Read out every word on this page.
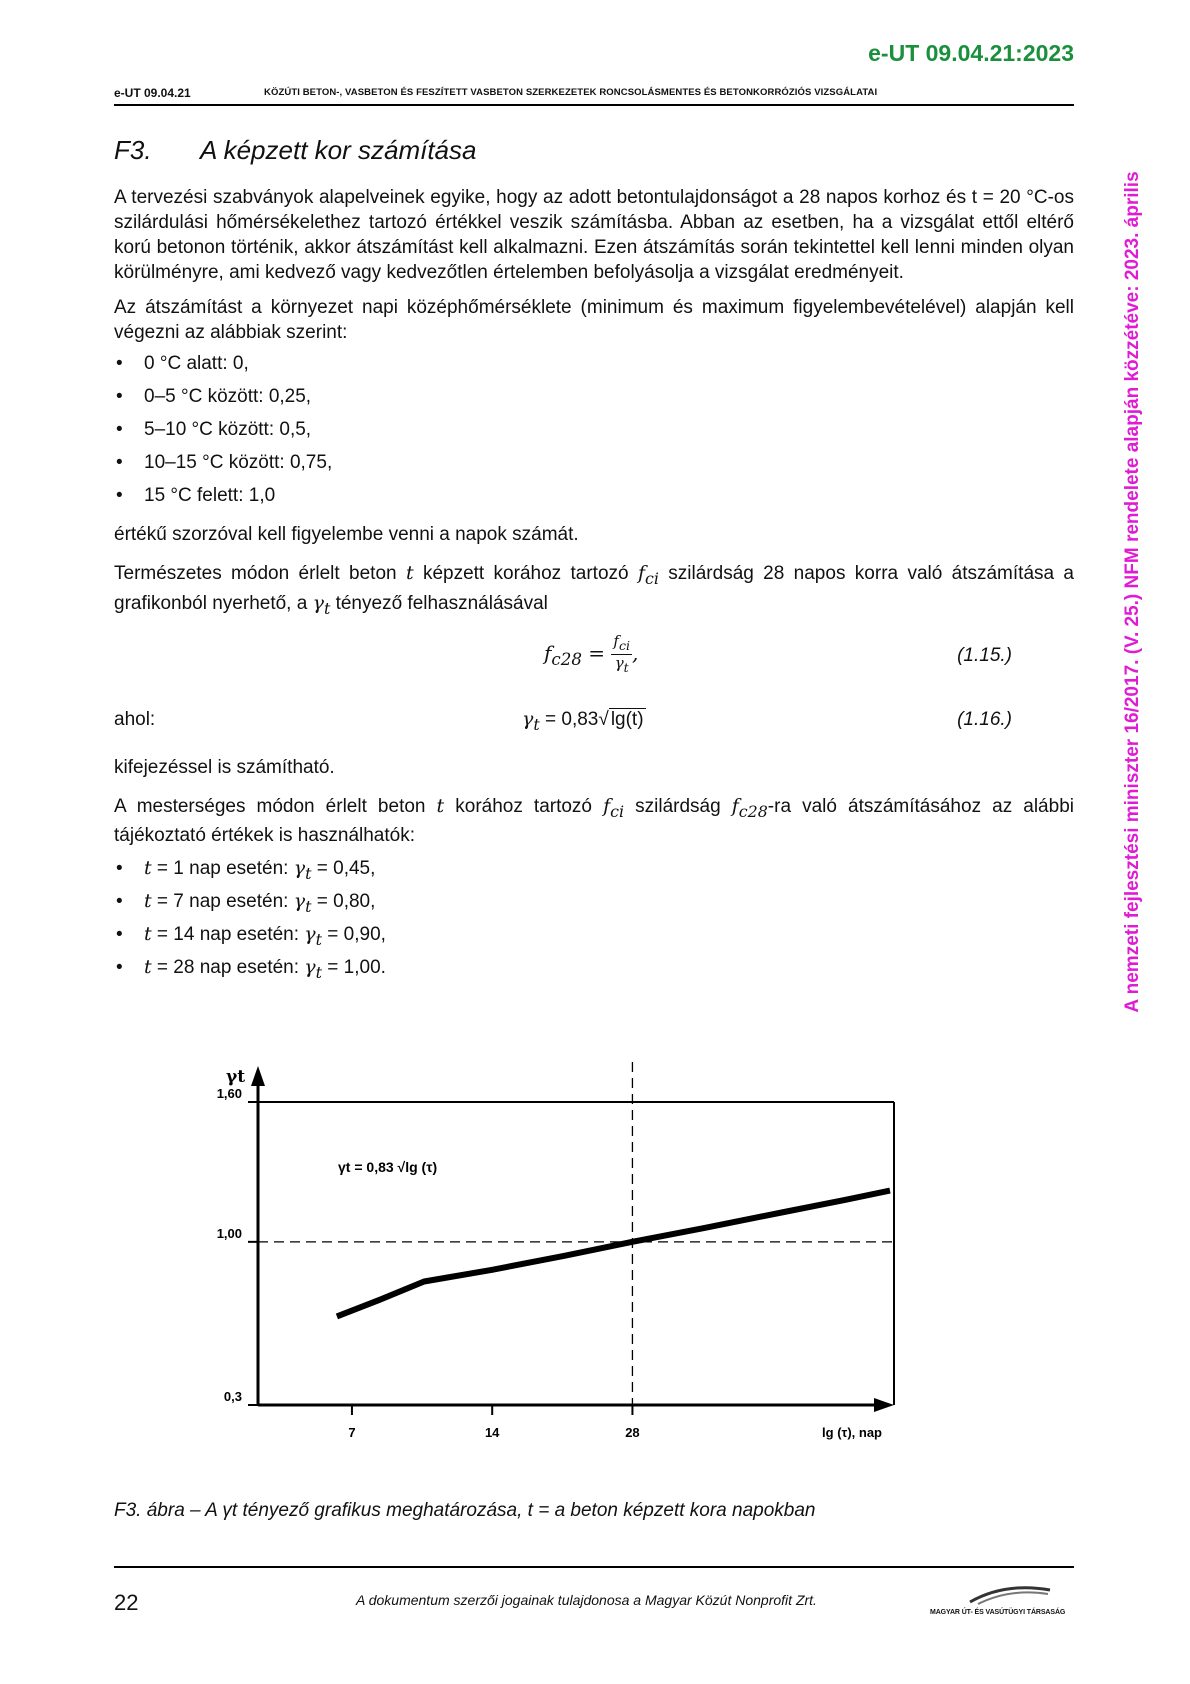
e-UT 09.04.21:2023
e-UT 09.04.21	KÖZÚTI BETON-, VASBETON ÉS FESZÍTETT VASBETON SZERKEZETEK RONCSOLÁSMENTES ÉS BETONKORRÓZIÓS VIZSGÁLATAI
A nemzeti fejlesztési miniszter 16/2017. (V. 25.) NFM rendelete alapján közzétéve: 2023. április
F3.	A képzett kor számítása

A tervezési szabványok alapelveinek egyike, hogy az adott betontulajdonságot a 28 napos korhoz és t = 20 °C-os szilárdulási hőmérsékelethez tartozó értékkel veszik számításba. Abban az esetben, ha a vizsgálat ettől eltérő korú betonon történik, akkor átszámítást kell alkalmazni. Ezen átszámítás során tekintettel kell lenni minden olyan körülményre, ami kedvező vagy kedvezőtlen értelemben befolyásolja a vizsgálat eredményeit.

Az átszámítást a környezet napi középhőmérséklete (minimum és maximum figyelembevételével) alapján kell végezni az alábbiak szerint:

• 0 °C alatt: 0,
• 0–5 °C között: 0,25,
• 5–10 °C között: 0,5,
• 10–15 °C között: 0,75,
• 15 °C felett: 1,0

értékű szorzóval kell figyelembe venni a napok számát.

Természetes módon érlelt beton t képzett korához tartozó $f_{ci}$ szilárdság 28 napos korra való átszámítása a grafikonból nyerhető, a $\gamma_t$ tényező felhasználásával

$f_{c28} = \frac{f_{ci}}{\gamma_t}$ ,	(1.15.)
ahol:	$\gamma_t = 0,83√$ lg(t)	(1.16.)

kifejezéssel is számítható.

A mesterséges módon érlelt beton t korához tartozó $f_{ci}$ szilárdság $f_{c28}-ra$ való átszámításához az alábbi tájékoztató értékek is használhatók:

• t = 1 nap esetén: $\gamma_t = 0,45$,
• t = 7 nap esetén: $\gamma_t = 0,80$,
• t = 14 nap esetén: $\gamma_t = 0,90$,
• t = 28 nap esetén: $\gamma_t = 1,00$.
0,3
1,00
1,60
7	14	28
γt
lg (τ), nap
γt = 0,83 √lg (τ)
F3. ábra – A γt tényező grafikus meghatározása, t = a beton képzett kora napokban
22	A dokumentum szerzői jogainak tulajdonosa a Magyar Közút Nonprofit Zrt.
MAGYAR ÚT- ÉS VASÚTÜGYI TÁRSASÁG
